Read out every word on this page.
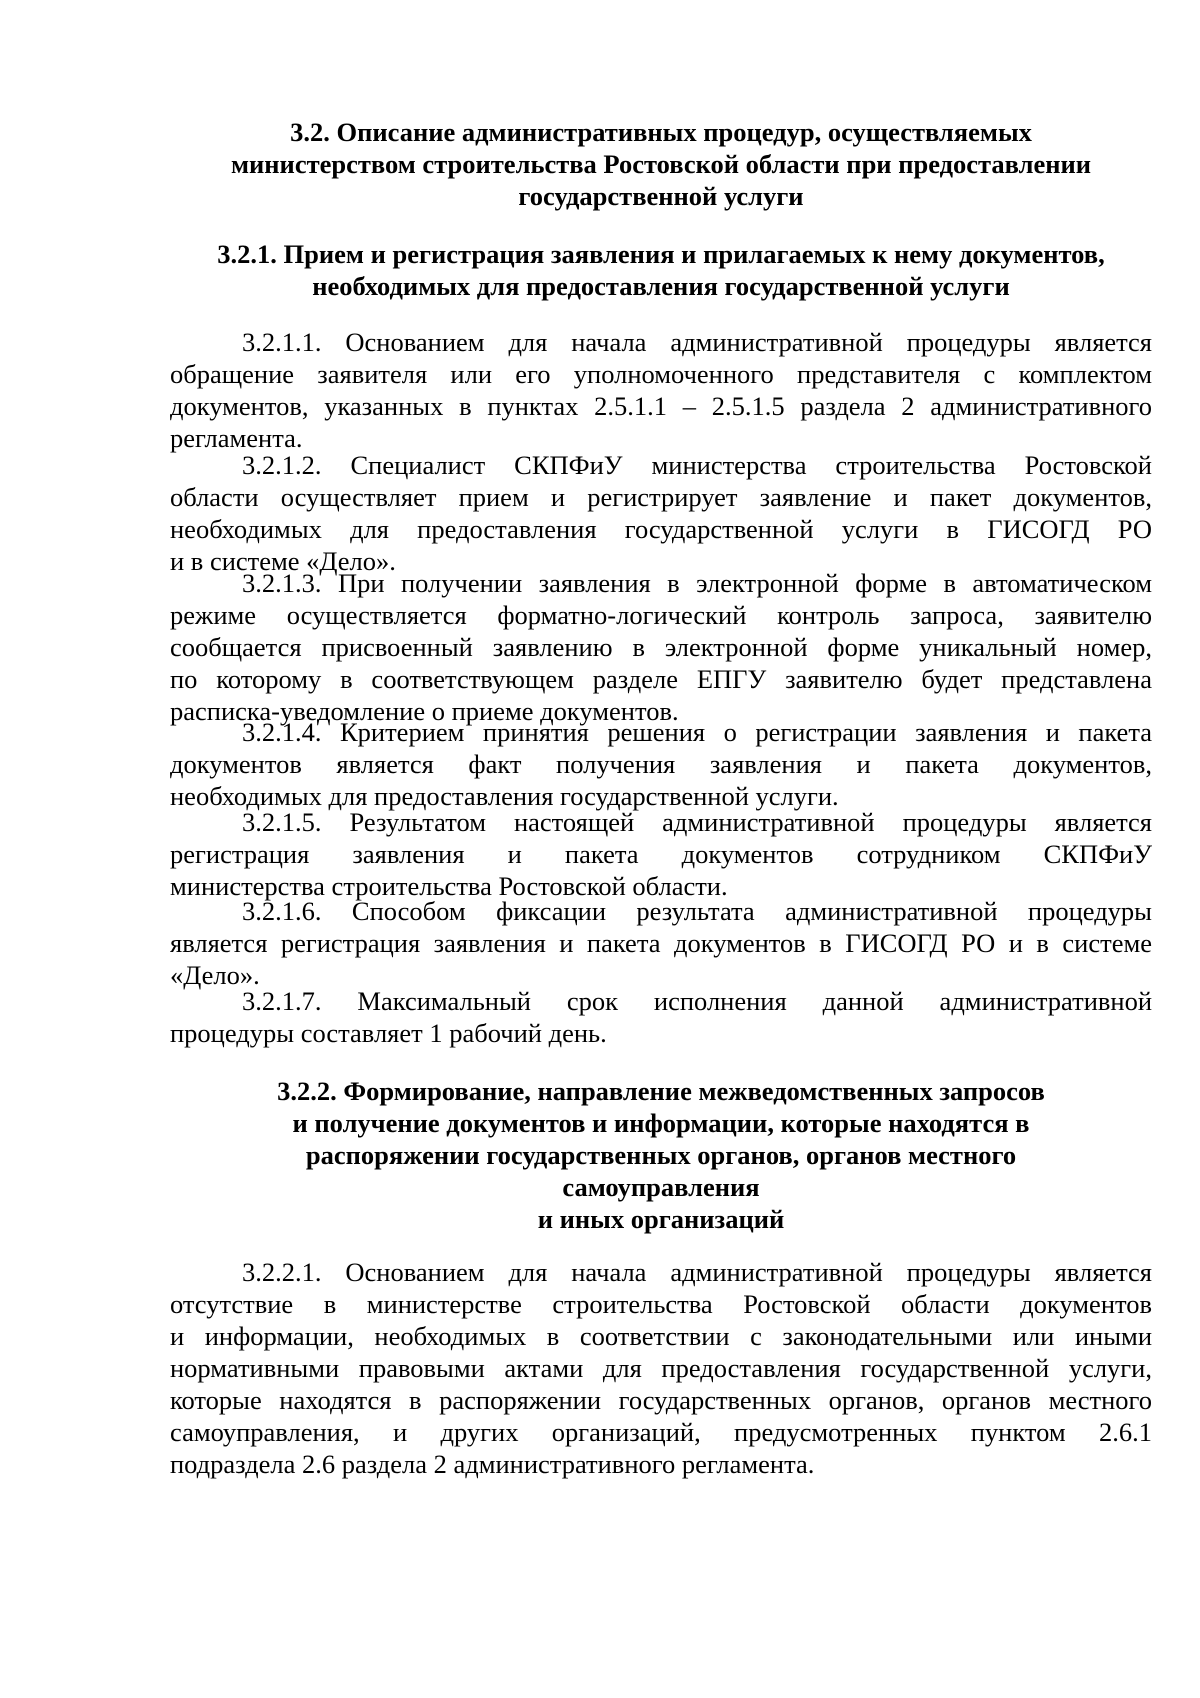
3.2. Описание административных процедур, осуществляемых
министерством строительства Ростовской области при предоставлении
государственной услуги
3.2.1. Прием и регистрация заявления и прилагаемых к нему документов,
необходимых для предоставления государственной услуги
3.2.1.1. Основанием для начала административной процедуры является
обращение заявителя или его уполномоченного представителя с комплектом
документов, указанных в пунктах 2.5.1.1 – 2.5.1.5 раздела 2 административного
регламента.
3.2.1.2. Специалист СКПФиУ министерства строительства Ростовской
области осуществляет прием и регистрирует заявление и пакет документов,
необходимых для предоставления государственной услуги в ГИСОГД РО
и в системе «Дело».
3.2.1.3. При получении заявления в электронной форме в автоматическом
режиме осуществляется форматно-логический контроль запроса, заявителю
сообщается присвоенный заявлению в электронной форме уникальный номер,
по которому в соответствующем разделе ЕПГУ заявителю будет представлена
расписка-уведомление о приеме документов.
3.2.1.4. Критерием принятия решения о регистрации заявления и пакета
документов является факт получения заявления и пакета документов,
необходимых для предоставления государственной услуги.
3.2.1.5. Результатом настоящей административной процедуры является
регистрация заявления и пакета документов сотрудником СКПФиУ
министерства строительства Ростовской области.
3.2.1.6. Способом фиксации результата административной процедуры
является регистрация заявления и пакета документов в ГИСОГД РО и в системе
«Дело».
3.2.1.7. Максимальный срок исполнения данной административной
процедуры составляет 1 рабочий день.
3.2.2. Формирование, направление межведомственных запросов
и получение документов и информации, которые находятся в
распоряжении государственных органов, органов местного
самоуправления
и иных организаций
3.2.2.1. Основанием для начала административной процедуры является
отсутствие в министерстве строительства Ростовской области документов
и информации, необходимых в соответствии с законодательными или иными
нормативными правовыми актами для предоставления государственной услуги,
которые находятся в распоряжении государственных органов, органов местного
самоуправления, и других организаций, предусмотренных пунктом 2.6.1
подраздела 2.6 раздела 2 административного регламента.
